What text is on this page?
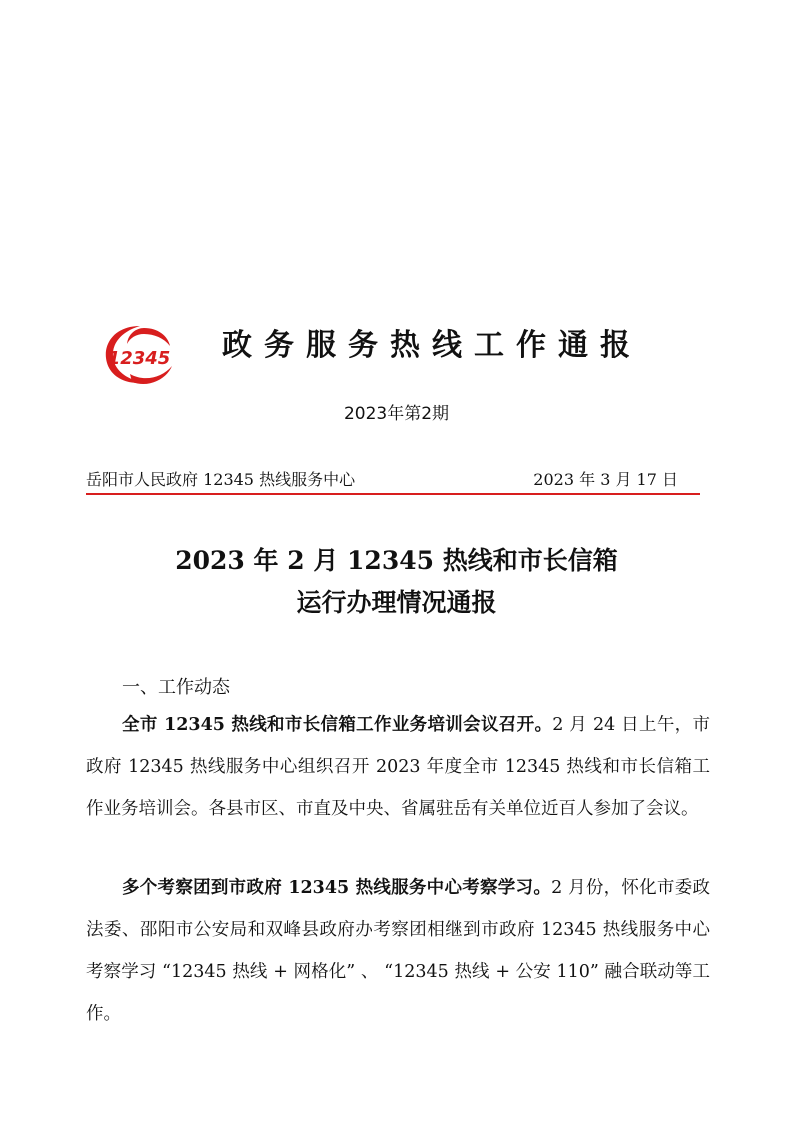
12345 政务服务热线工作通报
2023年第2期
岳阳市人民政府 12345 热线服务中心	2023 年 3 月 17 日
2023 年 2 月 12345 热线和市长信箱
运行办理情况通报
一、工作动态

全市 12345 热线和市长信箱工作业务培训会议召开。2 月 24 日上午，市政府 12345 热线服务中心组织召开 2023 年度全市 12345 热线和市长信箱工作业务培训会。各县市区、市直及中央、省属驻岳有关单位近百人参加了会议。

多个考察团到市政府 12345 热线服务中心考察学习。2 月份，怀化市委政法委、邵阳市公安局和双峰县政府办考察团相继到市政府 12345 热线服务中心考察学习 “12345 热线 + 网格化” 、 “12345 热线 + 公安 110” 融合联动等工作。
